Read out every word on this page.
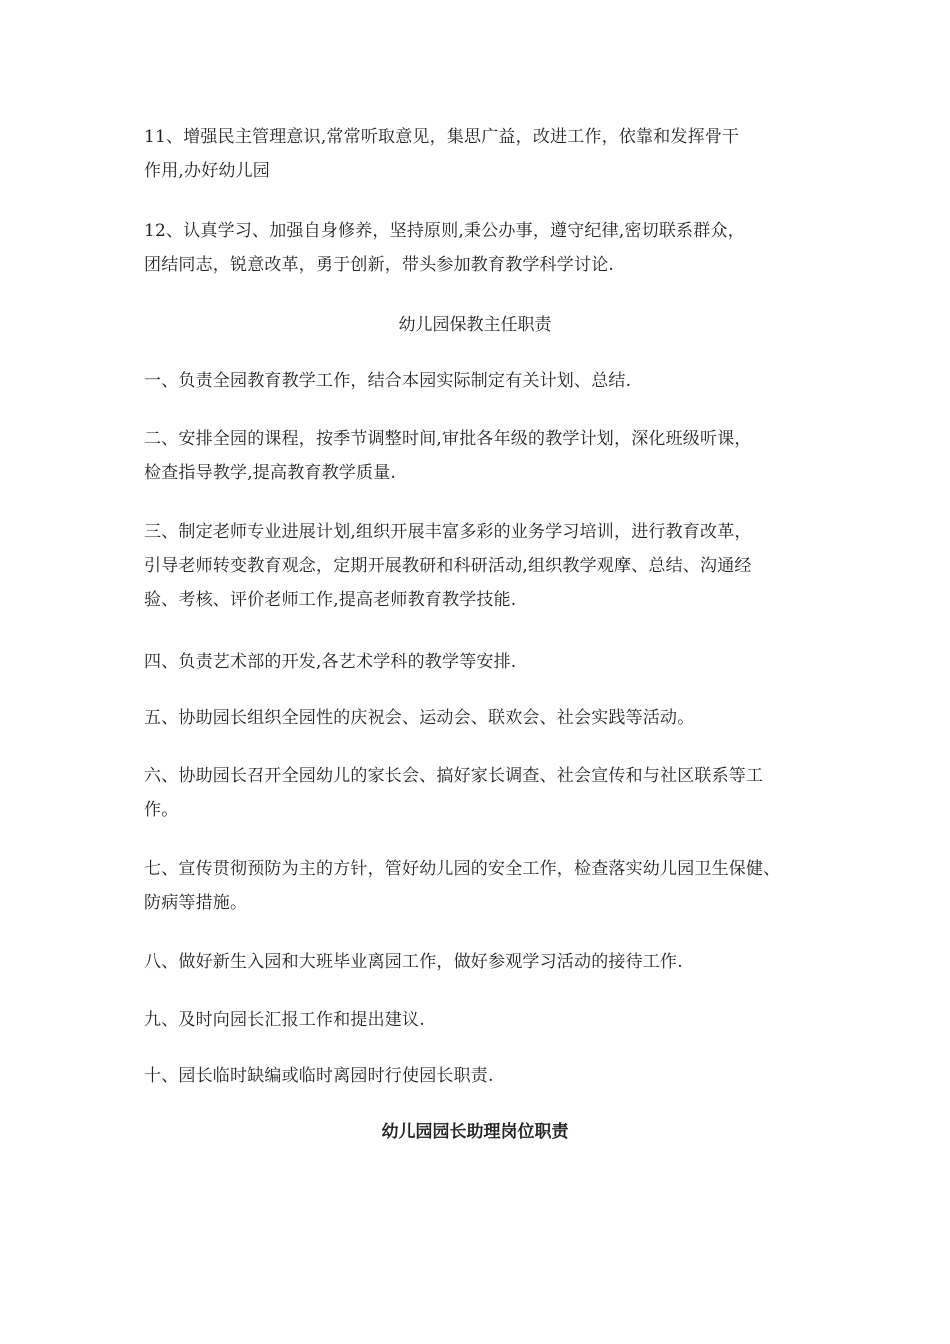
11、增强民主管理意识,常常听取意见，集思广益，改进工作，依靠和发挥骨干
作用,办好幼儿园
12、认真学习、加强自身修养，坚持原则,秉公办事，遵守纪律,密切联系群众，
团结同志，锐意改革，勇于创新，带头参加教育教学科学讨论.
幼儿园保教主任职责
一、负责全园教育教学工作，结合本园实际制定有关计划、总结.
二、安排全园的课程，按季节调整时间,审批各年级的教学计划，深化班级听课，
检查指导教学,提高教育教学质量.
三、制定老师专业进展计划,组织开展丰富多彩的业务学习培训，进行教育改革，
引导老师转变教育观念，定期开展教研和科研活动,组织教学观摩、总结、沟通经
验、考核、评价老师工作,提高老师教育教学技能.
四、负责艺术部的开发,各艺术学科的教学等安排.
五、协助园长组织全园性的庆祝会、运动会、联欢会、社会实践等活动。
六、协助园长召开全园幼儿的家长会、搞好家长调查、社会宣传和与社区联系等工
作。
七、宣传贯彻预防为主的方针，管好幼儿园的安全工作，检查落实幼儿园卫生保健、
防病等措施。
八、做好新生入园和大班毕业离园工作，做好参观学习活动的接待工作.
九、及时向园长汇报工作和提出建议.
十、园长临时缺编或临时离园时行使园长职责.
幼儿园园长助理岗位职责
